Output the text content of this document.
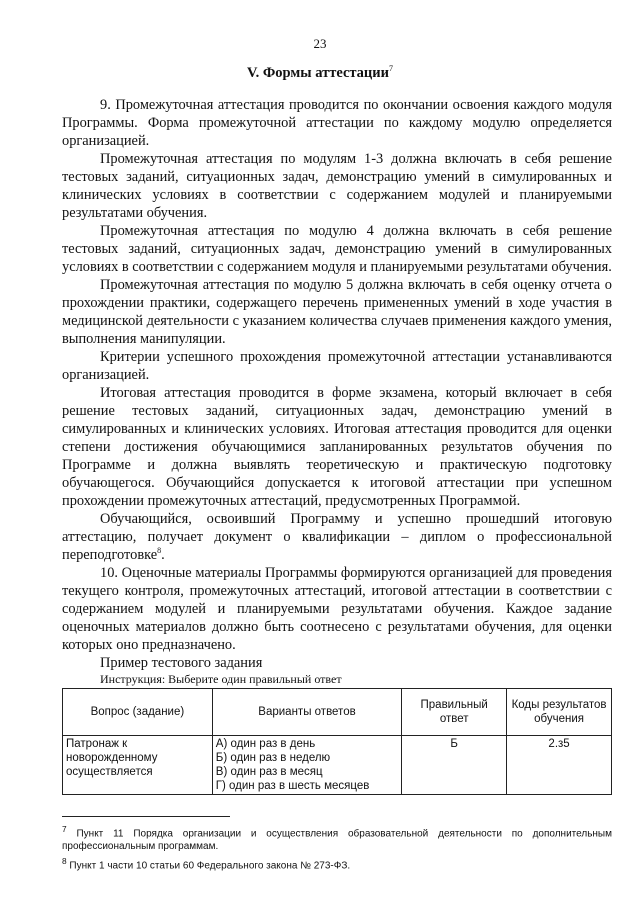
23
V. Формы аттестации$^7$

9. Промежуточная аттестация проводится по окончании освоения каждого модуля Программы. Форма промежуточной аттестации по каждому модулю определяется организацией.

Промежуточная аттестация по модулям 1-3 должна включать в себя решение тестовых заданий, ситуационных задач, демонстрацию умений в симулированных и клинических условиях в соответствии с содержанием модулей и планируемыми результатами обучения.

Промежуточная аттестация по модулю 4 должна включать в себя решение тестовых заданий, ситуационных задач, демонстрацию умений в симулированных условиях в соответствии с содержанием модуля и планируемыми результатами обучения.

Промежуточная аттестация по модулю 5 должна включать в себя оценку отчета о прохождении практики, содержащего перечень примененных умений в ходе участия в медицинской деятельности с указанием количества случаев применения каждого умения, выполнения манипуляции.

Критерии успешного прохождения промежуточной аттестации устанавливаются организацией.

Итоговая аттестация проводится в форме экзамена, который включает в себя решение тестовых заданий, ситуационных задач, демонстрацию умений в симулированных и клинических условиях. Итоговая аттестация проводится для оценки степени достижения обучающимися запланированных результатов обучения по Программе и должна выявлять теоретическую и практическую подготовку обучающегося. Обучающийся допускается к итоговой аттестации при успешном прохождении промежуточных аттестаций, предусмотренных Программой.

Обучающийся, освоивший Программу и успешно прошедший итоговую аттестацию, получает документ о квалификации – диплом о профессиональной переподготовке$^8$.

10. Оценочные материалы Программы формируются организацией для проведения текущего контроля, промежуточных аттестаций, итоговой аттестации в соответствии с содержанием модулей и планируемыми результатами обучения. Каждое задание оценочных материалов должно быть соотнесено с результатами обучения, для оценки которых оно предназначено.

Пример тестового задания
Инструкция: Выберите один правильный ответ
Вопрос (задание)	Варианты ответов	Правильный ответ	Коды результатов обучения
Патронаж к новорожденному осуществляется	А) один раз в день
Б) один раз в неделю
В) один раз в месяц
Г) один раз в шесть месяцев	Б	2.з5

$^7$ Пункт 11 Порядка организации и осуществления образовательной деятельности по дополнительным профессиональным программам.

$^8$ Пункт 1 части 10 статьи 60 Федерального закона № 273-ФЗ.
